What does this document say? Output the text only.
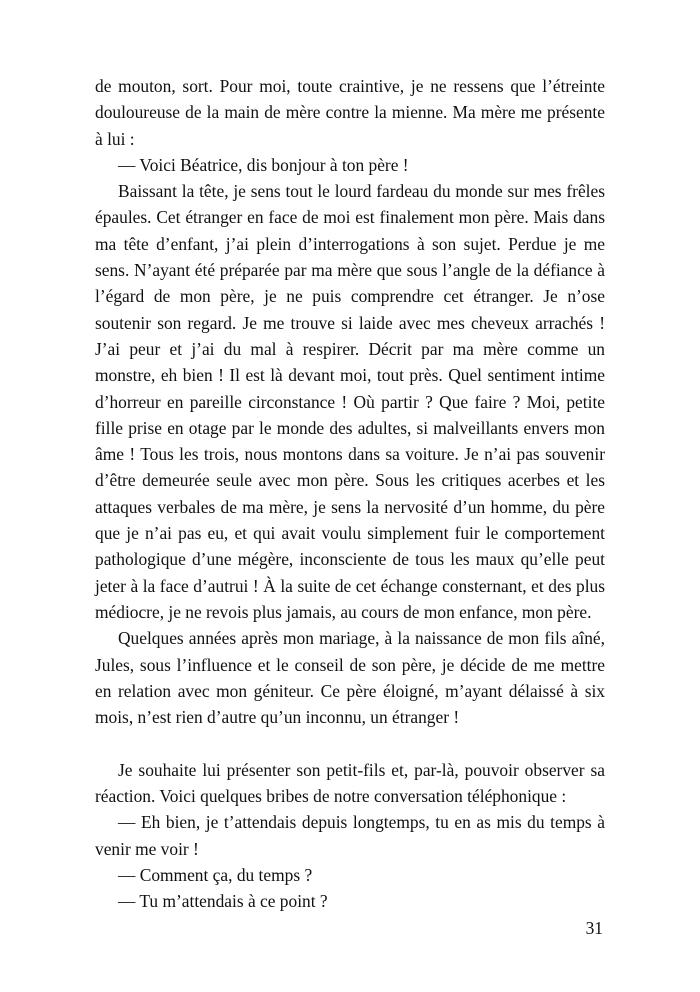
de mouton, sort. Pour moi, toute craintive, je ne ressens que l’étreinte douloureuse de la main de mère contre la mienne. Ma mère me présente à lui :

— Voici Béatrice, dis bonjour à ton père !

Baissant la tête, je sens tout le lourd fardeau du monde sur mes frêles épaules. Cet étranger en face de moi est finalement mon père. Mais dans ma tête d’enfant, j’ai plein d’interrogations à son sujet. Perdue je me sens. N’ayant été préparée par ma mère que sous l’angle de la défiance à l’égard de mon père, je ne puis comprendre cet étranger. Je n’ose soutenir son regard. Je me trouve si laide avec mes cheveux arrachés ! J’ai peur et j’ai du mal à respirer. Décrit par ma mère comme un monstre, eh bien ! Il est là devant moi, tout près. Quel sentiment intime d’horreur en pareille circonstance ! Où partir ? Que faire ? Moi, petite fille prise en otage par le monde des adultes, si malveillants envers mon âme ! Tous les trois, nous montons dans sa voiture. Je n’ai pas souvenir d’être demeurée seule avec mon père. Sous les critiques acerbes et les attaques verbales de ma mère, je sens la nervosité d’un homme, du père que je n’ai pas eu, et qui avait voulu simplement fuir le comportement pathologique d’une mégère, inconsciente de tous les maux qu’elle peut jeter à la face d’autrui ! À la suite de cet échange consternant, et des plus médiocre, je ne revois plus jamais, au cours de mon enfance, mon père.

Quelques années après mon mariage, à la naissance de mon fils aîné, Jules, sous l’influence et le conseil de son père, je décide de me mettre en relation avec mon géniteur. Ce père éloigné, m’ayant délaissé à six mois, n’est rien d’autre qu’un inconnu, un étranger !

Je souhaite lui présenter son petit-fils et, par-là, pouvoir observer sa réaction. Voici quelques bribes de notre conversation téléphonique :

— Eh bien, je t’attendais depuis longtemps, tu en as mis du temps à venir me voir !

— Comment ça, du temps ?

— Tu m’attendais à ce point ?

31
